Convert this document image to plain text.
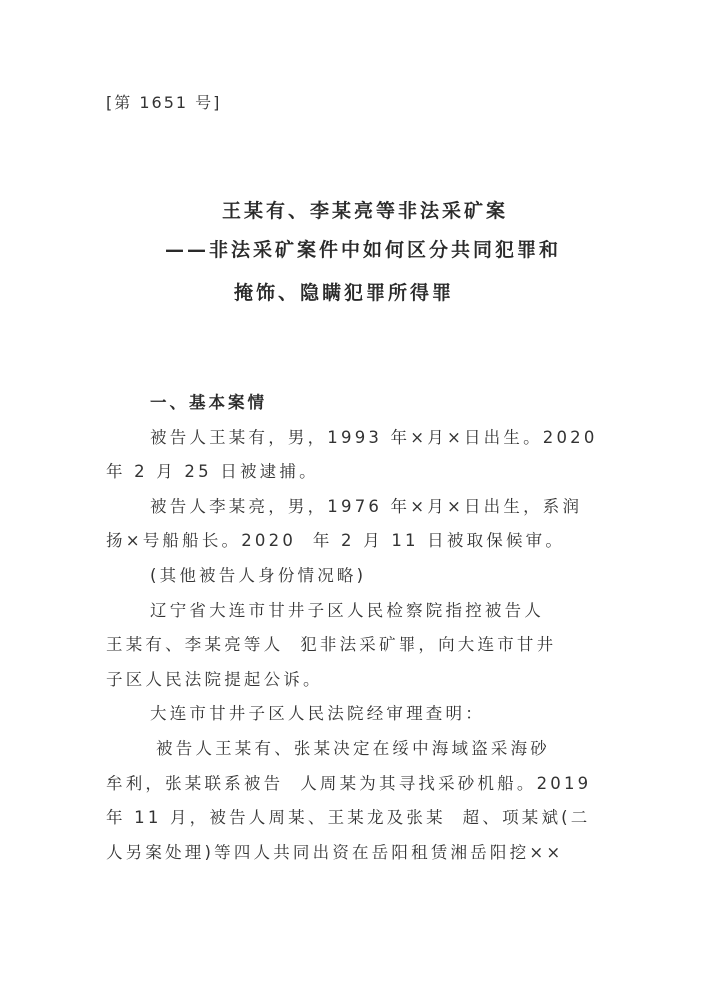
[第 1651 号]
王某有、李某亮等非法采矿案
——非法采矿案件中如何区分共同犯罪和
掩饰、隐瞒犯罪所得罪
一、基本案情
被告人王某有，男，1993 年×月×日出生。2020
年 2 月 25 日被逮捕。
被告人李某亮，男，1976 年×月×日出生，系润
扬×号船船长。2020  年 2 月 11 日被取保候审。
(其他被告人身份情况略)
辽宁省大连市甘井子区人民检察院指控被告人
王某有、李某亮等人  犯非法采矿罪，向大连市甘井
子区人民法院提起公诉。
大连市甘井子区人民法院经审理查明：
被告人王某有、张某决定在绥中海域盗采海砂
牟利，张某联系被告  人周某为其寻找采砂机船。2019
年 11 月，被告人周某、王某龙及张某  超、项某斌(二
人另案处理)等四人共同出资在岳阳租赁湘岳阳挖××
